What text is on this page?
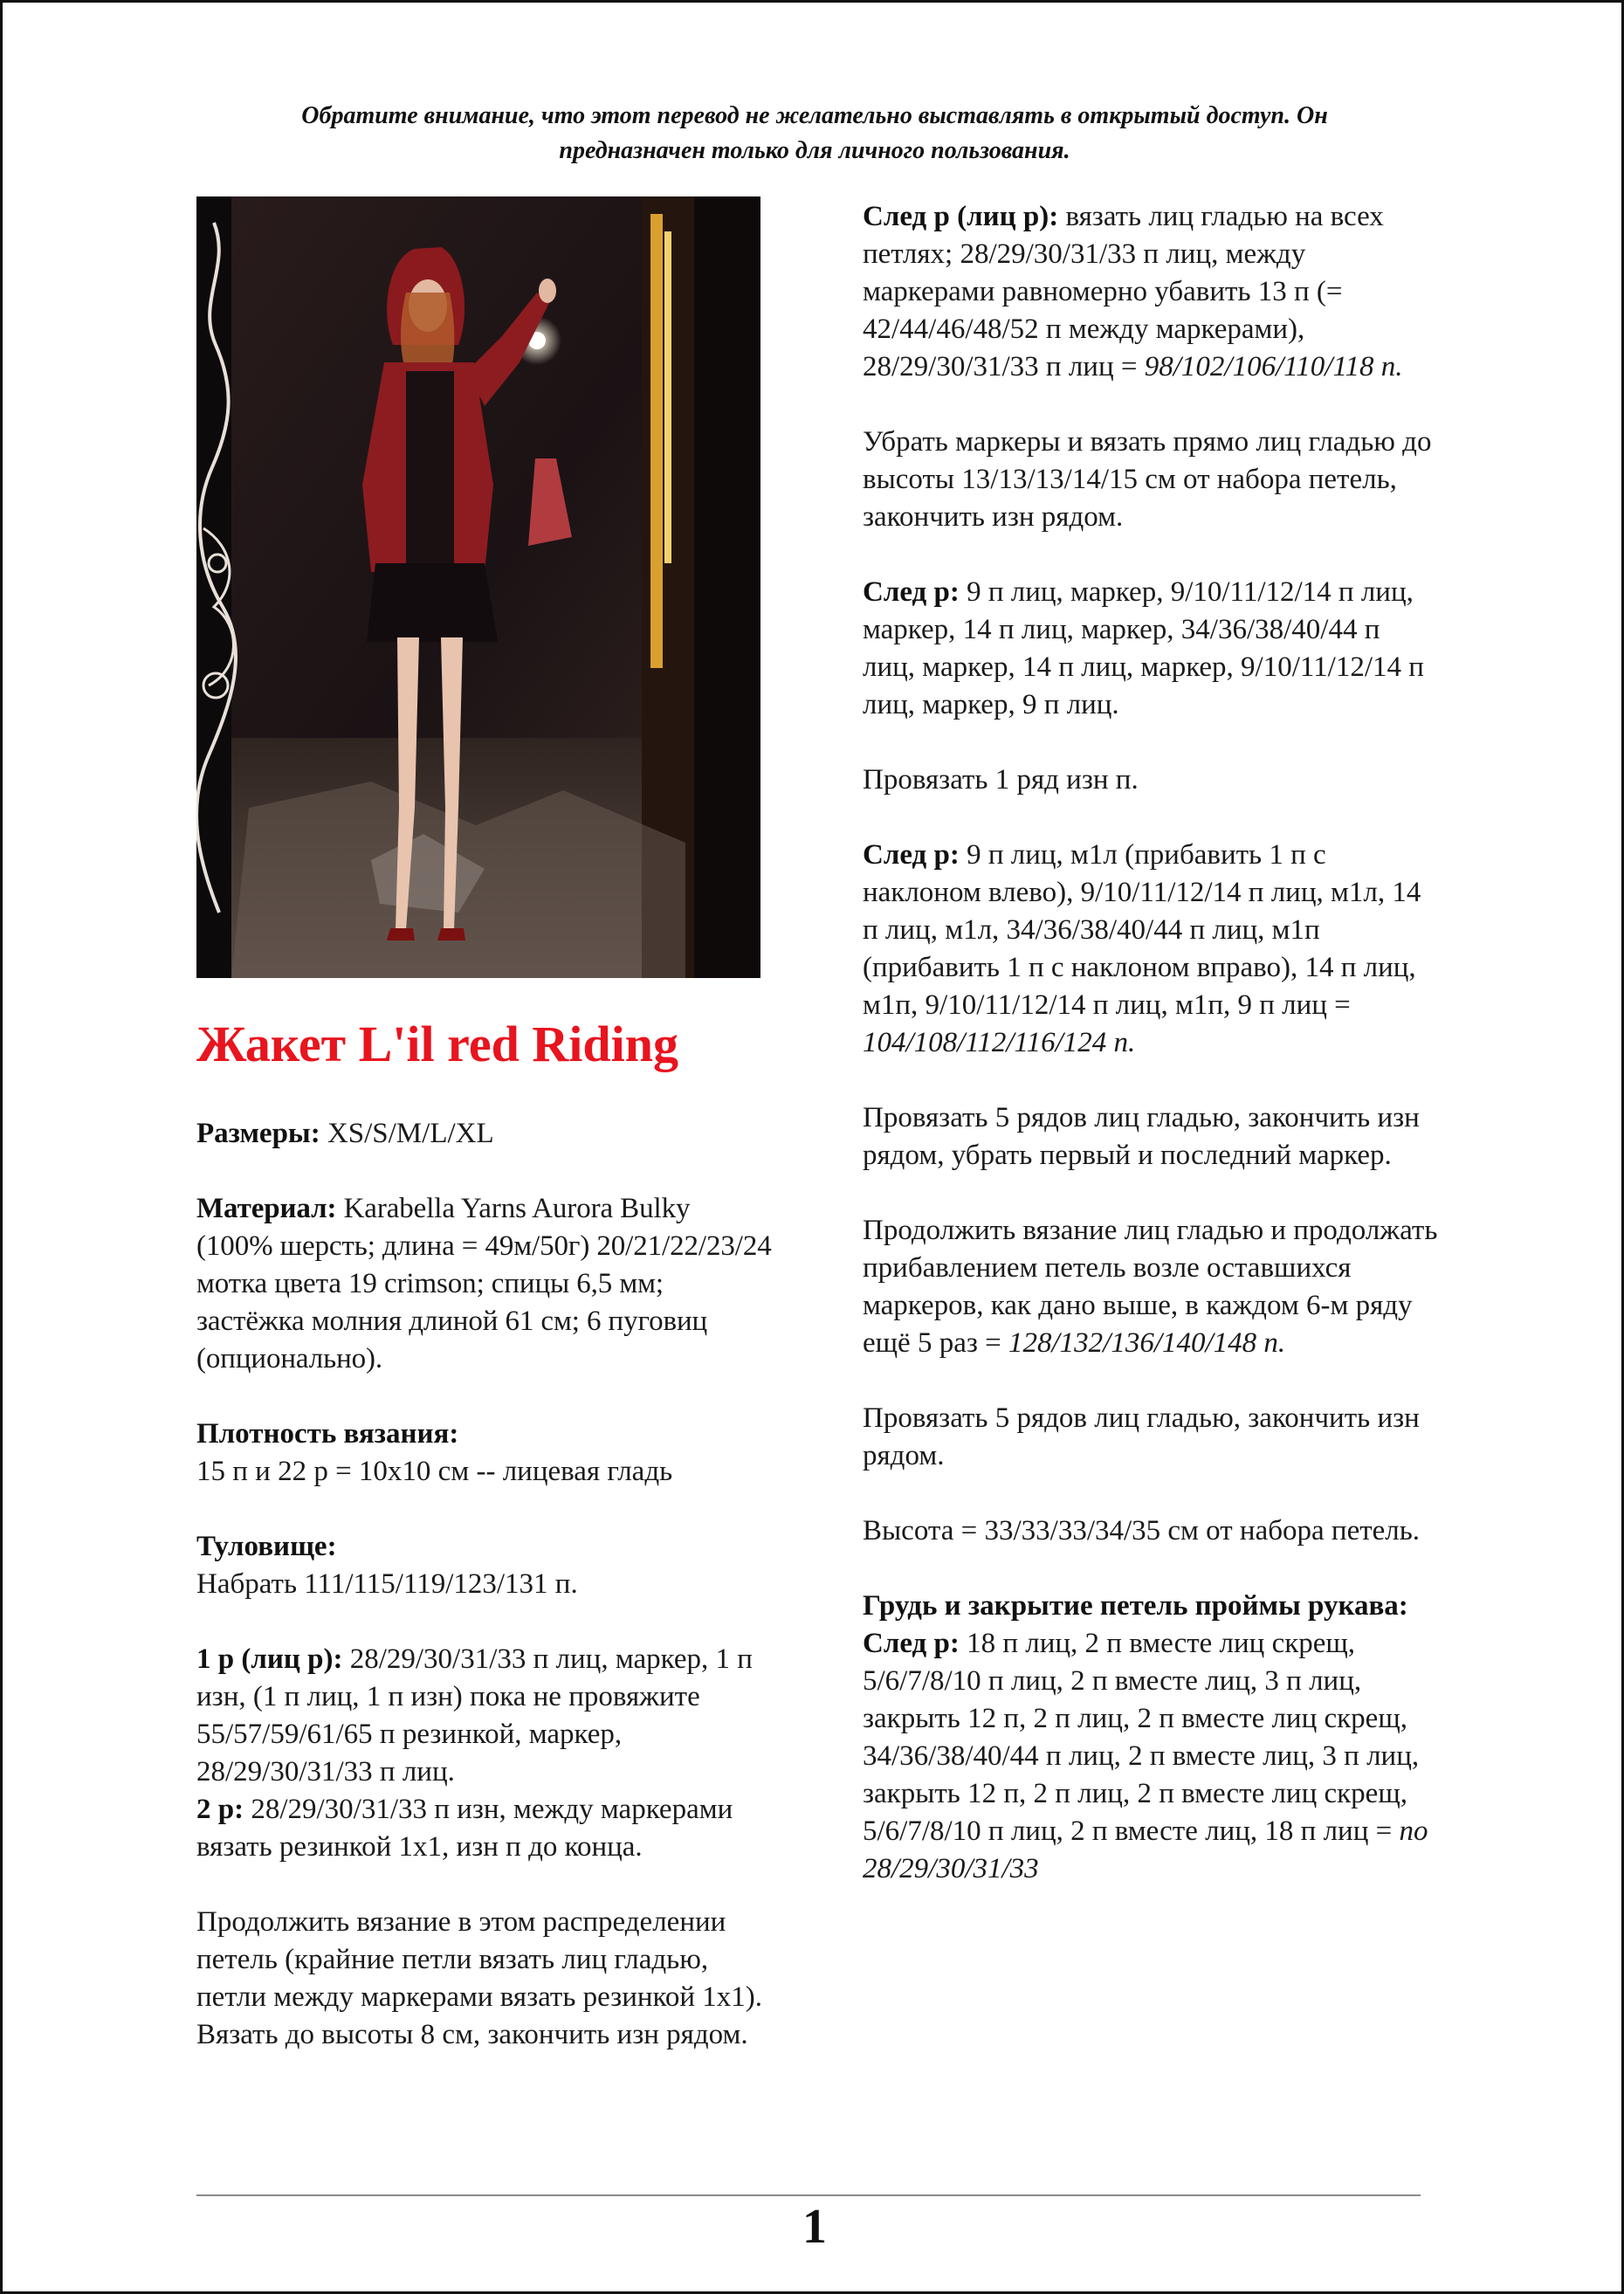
Обратите внимание, что этот перевод не желательно выставлять в открытый доступ. Он
предназначен только для личного пользования.
Жакет L'il red Riding

Размеры: XS/S/M/L/XL

Материал: Karabella Yarns Aurora Bulky (100% шерсть; длина = 49м/50г) 20/21/22/23/24 мотка цвета 19 crimson; спицы 6,5 мм; застёжка молния длиной 61 см; 6 пуговиц (опционально).

Плотность вязания:
15 п и 22 р = 10х10 см -- лицевая гладь

Туловище:
Набрать 111/115/119/123/131 п.

1 р (лиц р): 28/29/30/31/33 п лиц, маркер, 1 п изн, (1 п лиц, 1 п изн) пока не провяжите 55/57/59/61/65 п резинкой, маркер, 28/29/30/31/33 п лиц.

2 р: 28/29/30/31/33 п изн, между маркерами вязать резинкой 1х1, изн п до конца.

Продолжить вязание в этом распределении петель (крайние петли вязать лиц гладью, петли между маркерами вязать резинкой 1х1). Вязать до высоты 8 см, закончить изн рядом.

След р (лиц р): вязать лиц гладью на всех петлях; 28/29/30/31/33 п лиц, между маркерами равномерно убавить 13 п (= 42/44/46/48/52 п между маркерами), 28/29/30/31/33 п лиц = 98/102/106/110/118 п.

Убрать маркеры и вязать прямо лиц гладью до высоты 13/13/13/14/15 см от набора петель, закончить изн рядом.

След р: 9 п лиц, маркер, 9/10/11/12/14 п лиц, маркер, 14 п лиц, маркер, 34/36/38/40/44 п лиц, маркер, 14 п лиц, маркер, 9/10/11/12/14 п лиц, маркер, 9 п лиц.

Провязать 1 ряд изн п.

След р: 9 п лиц, м1л (прибавить 1 п с наклоном влево), 9/10/11/12/14 п лиц, м1л, 14 п лиц, м1л, 34/36/38/40/44 п лиц, м1п (прибавить 1 п с наклоном вправо), 14 п лиц, м1п, 9/10/11/12/14 п лиц, м1п, 9 п лиц = 104/108/112/116/124 п.

Провязать 5 рядов лиц гладью, закончить изн рядом, убрать первый и последний маркер.

Продолжить вязание лиц гладью и продолжать прибавлением петель возле оставшихся маркеров, как дано выше, в каждом 6-м ряду ещё 5 раз = 128/132/136/140/148 п.

Провязать 5 рядов лиц гладью, закончить изн рядом.

Высота = 33/33/33/34/35 см от набора петель.

Грудь и закрытие петель проймы рукава:
След р: 18 п лиц, 2 п вместе лиц скрещ, 5/6/7/8/10 п лиц, 2 п вместе лиц, 3 п лиц, закрыть 12 п, 2 п лиц, 2 п вместе лиц скрещ, 34/36/38/40/44 п лиц, 2 п вместе лиц, 3 п лиц, закрыть 12 п, 2 п лиц, 2 п вместе лиц скрещ, 5/6/7/8/10 п лиц, 2 п вместе лиц, 18 п лиц = по 28/29/30/31/33

1
